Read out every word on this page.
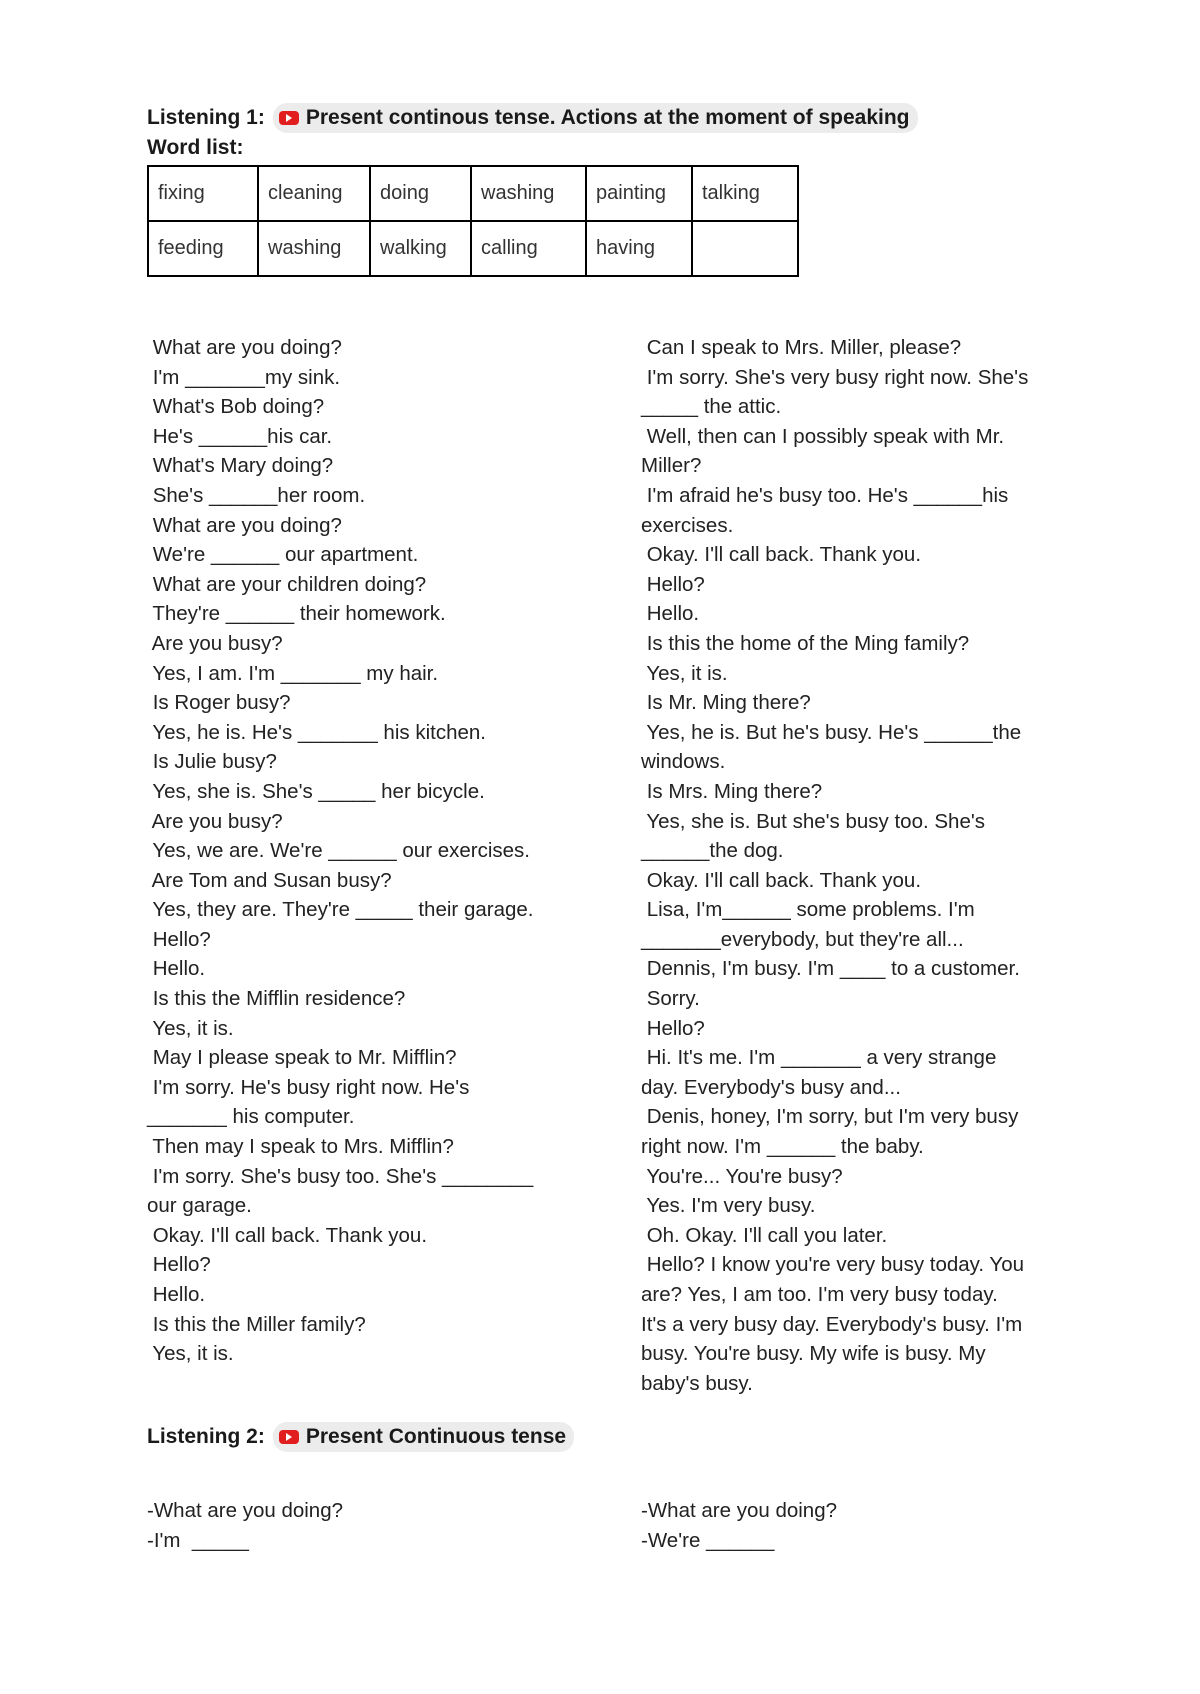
Listening 1: Present continous tense. Actions at the moment of speaking
Word list:
fixing	cleaning	doing	washing	painting	talking
feeding	washing	walking	calling	having	
What are you doing?
I'm _______my sink.
What's Bob doing?
He's ______his car.
What's Mary doing?
She's ______her room.
What are you doing?
We're ______ our apartment.
What are your children doing?
They're ______ their homework.
Are you busy?
Yes, I am. I'm _______ my hair.
Is Roger busy?
Yes, he is. He's _______ his kitchen.
Is Julie busy?
Yes, she is. She's _____ her bicycle.
Are you busy?
Yes, we are. We're ______ our exercises.
Are Tom and Susan busy?
Yes, they are. They're _____ their garage.
Hello?
Hello.
Is this the Mifflin residence?
Yes, it is.
May I please speak to Mr. Mifflin?
I'm sorry. He's busy right now. He's
_______ his computer.
Then may I speak to Mrs. Mifflin?
I'm sorry. She's busy too. She's ________
our garage.
Okay. I'll call back. Thank you.
Hello?
Hello.
Is this the Miller family?
Yes, it is.
Can I speak to Mrs. Miller, please?
I'm sorry. She's very busy right now. She's
_____ the attic.
Well, then can I possibly speak with Mr.
Miller?
I'm afraid he's busy too. He's ______his
exercises.
Okay. I'll call back. Thank you.
Hello?
Hello.
Is this the home of the Ming family?
Yes, it is.
Is Mr. Ming there?
Yes, he is. But he's busy. He's ______the
windows.
Is Mrs. Ming there?
Yes, she is. But she's busy too. She's
______the dog.
Okay. I'll call back. Thank you.
Lisa, I'm______ some problems. I'm
_______everybody, but they're all...
Dennis, I'm busy. I'm ____ to a customer.
Sorry.
Hello?
Hi. It's me. I'm _______ a very strange
day. Everybody's busy and...
Denis, honey, I'm sorry, but I'm very busy
right now. I'm ______ the baby.
You're... You're busy?
Yes. I'm very busy.
Oh. Okay. I'll call you later.
Hello? I know you're very busy today. You
are? Yes, I am too. I'm very busy today.
It's a very busy day. Everybody's busy. I'm
busy. You're busy. My wife is busy. My
baby's busy.
Listening 2: Present Continuous tense
-What are you doing?
-I'm  _____
-What are you doing?
-We're ______
